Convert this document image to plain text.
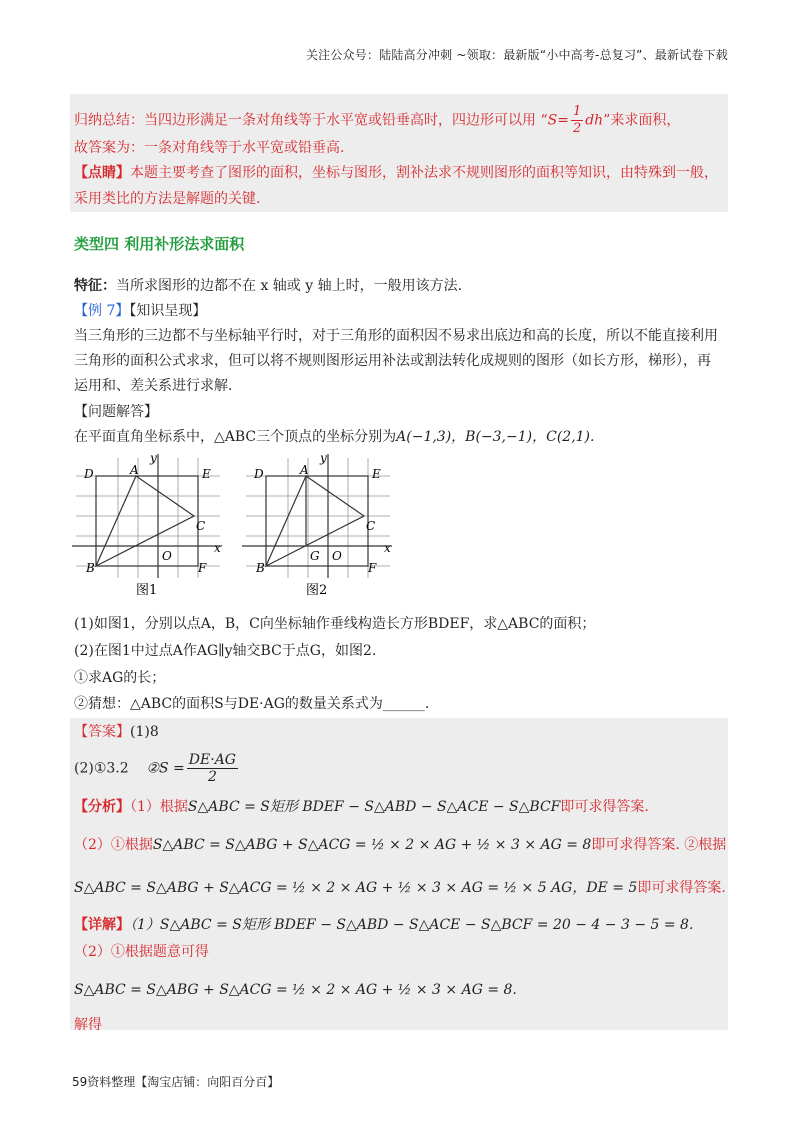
关注公众号：陆陆高分冲刺 ~领取：最新版“小中高考-总复习”、最新试卷下载
归纳总结：当四边形满足一条对角线等于水平宽或铅垂高时，四边形可以用 “$S= \frac{1}{2}$ dh”来求面积，
故答案为：一条对角线等于水平宽或铅垂高.
【点睛】本题主要考查了图形的面积，坐标与图形，割补法求不规则图形的面积等知识，由特殊到一般，
采用类比的方法是解题的关键.
类型四 利用补形法求面积
特征：当所求图形的边都不在 x 轴或 y 轴上时，一般用该方法.
【例 7】【知识呈现】
当三角形的三边都不与坐标轴平行时，对于三角形的面积因不易求出底边和高的长度，所以不能直接利用
三角形的面积公式求求，但可以将不规则图形运用补法或割法转化成规则的图形（如长方形，梯形），再
运用和、差关系进行求解.
【问题解答】
在平面直角坐标系中，△ABC三个顶点的坐标分别为A(−1,3)，B(−3,−1)，C(2,1).
D	A	E
y
C
O
x
B	F
图1
D	A	E
y
C
G O
x
B	F
图2
(1)如图1，分别以点A，B，C向坐标轴作垂线构造长方形BDEF，求△ABC的面积；
(2)在图1中过点A作AG∥y轴交BC于点G，如图2.
①求AG的长；
②猜想：△ABC的面积S与DE·AG的数量关系式为______.
【答案】(1)8
(2)①3.2 ②S = $\frac{DE\cdot AG}{2}$
【分析】（1）根据S△ABC = S矩形 BDEF − S△ABD − S△ACE − S△BCF即可求得答案.
（2）①根据S△ABC = S△ABG + S△ACG = ½ × 2 × AG + ½ × 3 × AG = 8即可求得答案. ②根据
S△ABC = S△ABG + S△ACG = ½ × 2 × AG + ½ × 3 × AG = ½ × 5 AG，DE = 5即可求得答案.
【详解】（1）S△ABC = S矩形 BDEF − S△ABD − S△ACE − S△BCF = 20 − 4 − 3 − 5 = 8.
（2）①根据题意可得
S△ABC = S△ABG + S△ACG = ½ × 2 × AG + ½ × 3 × AG = 8.
解得
59资料整理【淘宝店铺：向阳百分百】
